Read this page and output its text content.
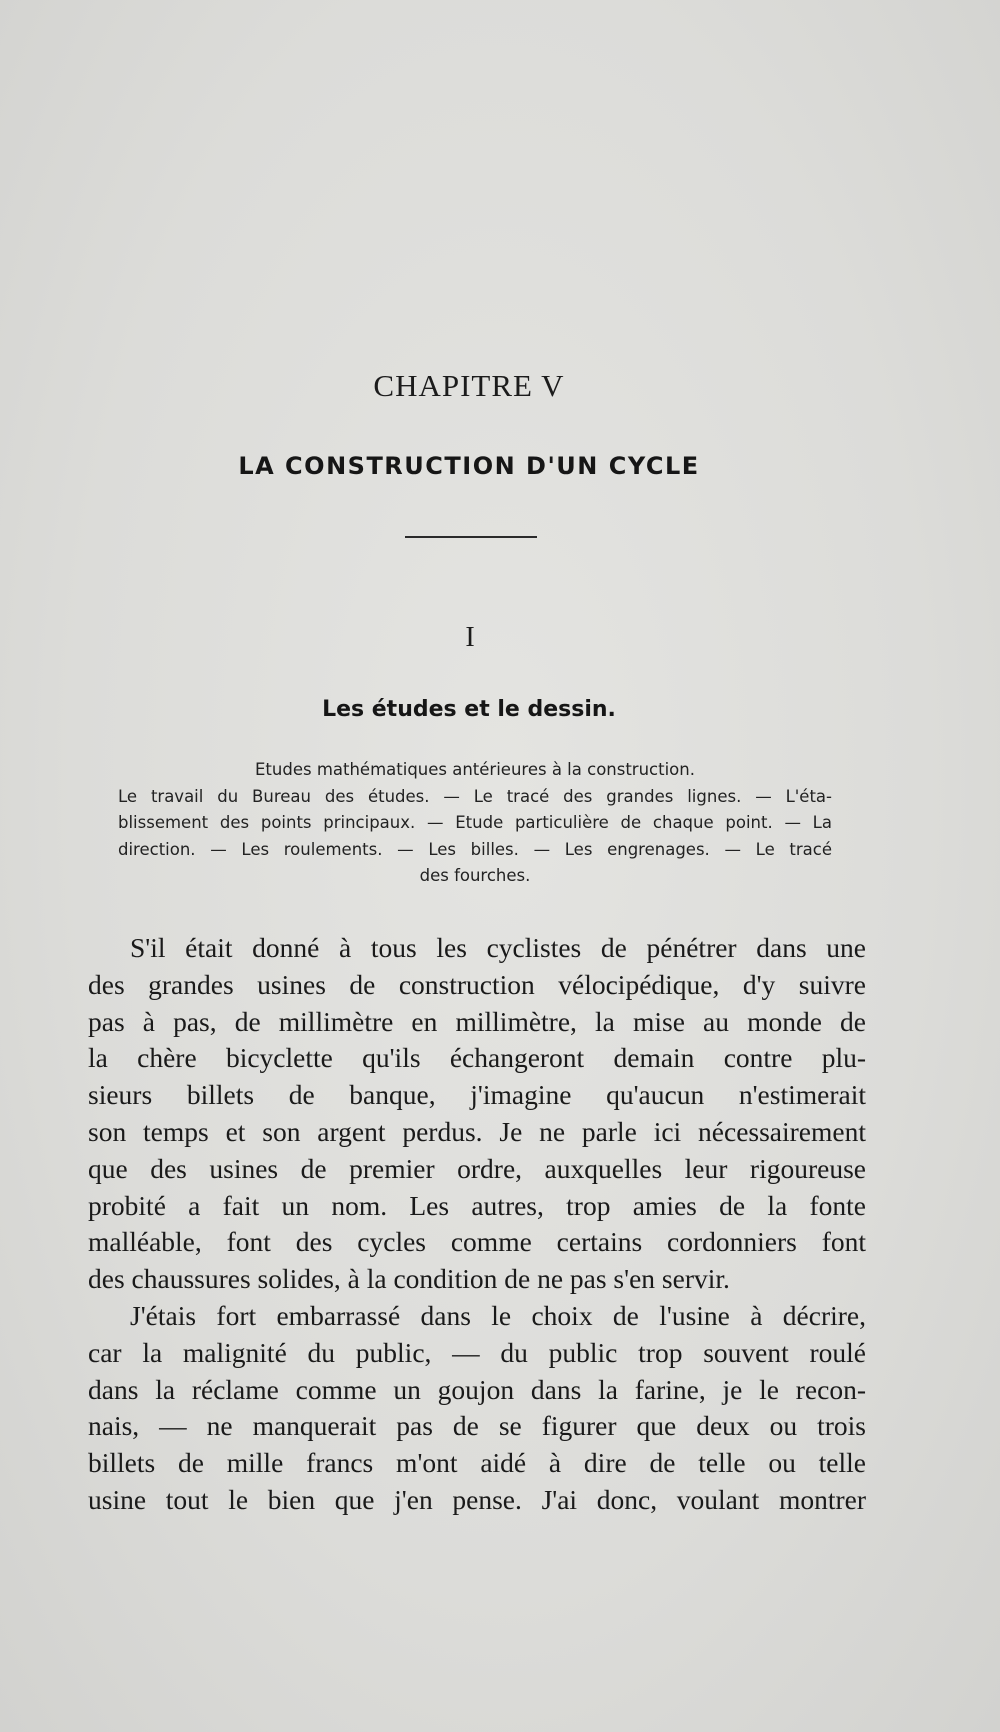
CHAPITRE V
LA CONSTRUCTION D'UN CYCLE
I
Les études et le dessin.
Etudes mathématiques antérieures à la construction.
Le travail du Bureau des études. — Le tracé des grandes lignes. — L'éta-
blissement des points principaux. — Etude particulière de chaque point. — La
direction. — Les roulements. — Les billes. — Les engrenages. — Le tracé
des fourches.
S'il était donné à tous les cyclistes de pénétrer dans une
des grandes usines de construction vélocipédique, d'y suivre
pas à pas, de millimètre en millimètre, la mise au monde de
la chère bicyclette qu'ils échangeront demain contre plu-
sieurs billets de banque, j'imagine qu'aucun n'estimerait
son temps et son argent perdus. Je ne parle ici nécessairement
que des usines de premier ordre, auxquelles leur rigoureuse
probité a fait un nom. Les autres, trop amies de la fonte
malléable, font des cycles comme certains cordonniers font
des chaussures solides, à la condition de ne pas s'en servir.
J'étais fort embarrassé dans le choix de l'usine à décrire,
car la malignité du public, — du public trop souvent roulé
dans la réclame comme un goujon dans la farine, je le recon-
nais, — ne manquerait pas de se figurer que deux ou trois
billets de mille francs m'ont aidé à dire de telle ou telle
usine tout le bien que j'en pense. J'ai donc, voulant montrer
